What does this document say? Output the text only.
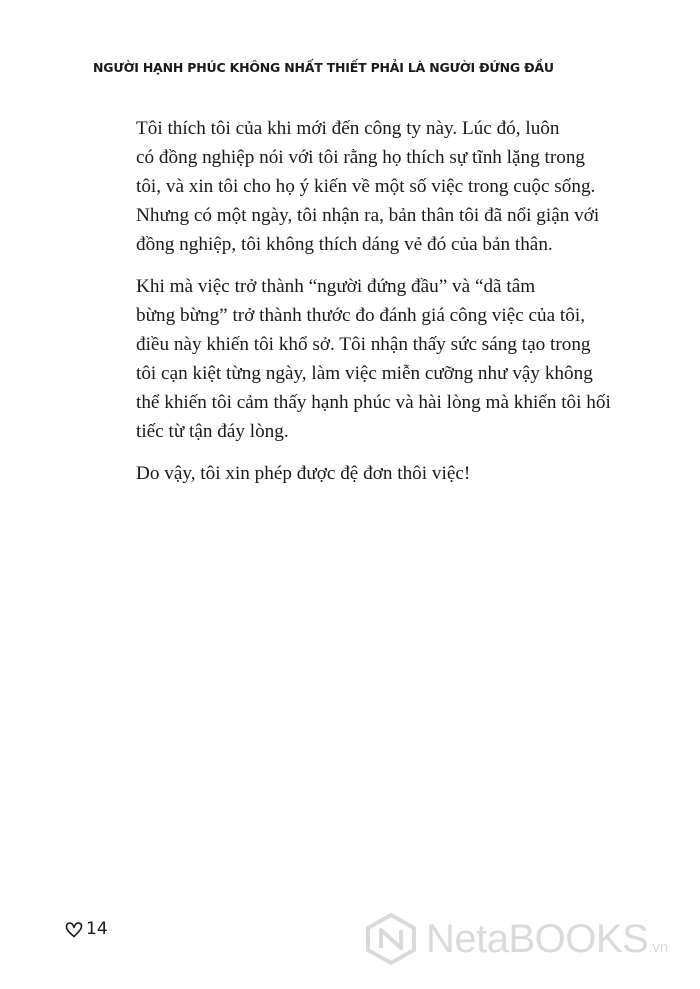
NGƯỜI HẠNH PHÚC KHÔNG NHẤT THIẾT PHẢI LÀ NGƯỜI ĐỨNG ĐẦU

Tôi thích tôi của khi mới đến công ty này. Lúc đó, luôn
có đồng nghiệp nói với tôi rằng họ thích sự tĩnh lặng trong
tôi, và xin tôi cho họ ý kiến về một số việc trong cuộc sống.
Nhưng có một ngày, tôi nhận ra, bản thân tôi đã nổi giận với
đồng nghiệp, tôi không thích dáng vẻ đó của bản thân.

Khi mà việc trở thành “người đứng đầu” và “dã tâm
bừng bừng” trở thành thước đo đánh giá công việc của tôi,
điều này khiến tôi khổ sở. Tôi nhận thấy sức sáng tạo trong
tôi cạn kiệt từng ngày, làm việc miễn cưỡng như vậy không
thể khiến tôi cảm thấy hạnh phúc và hài lòng mà khiến tôi hối
tiếc từ tận đáy lòng.

Do vậy, tôi xin phép được đệ đơn thôi việc!

14	NetaBOOKS.vn
